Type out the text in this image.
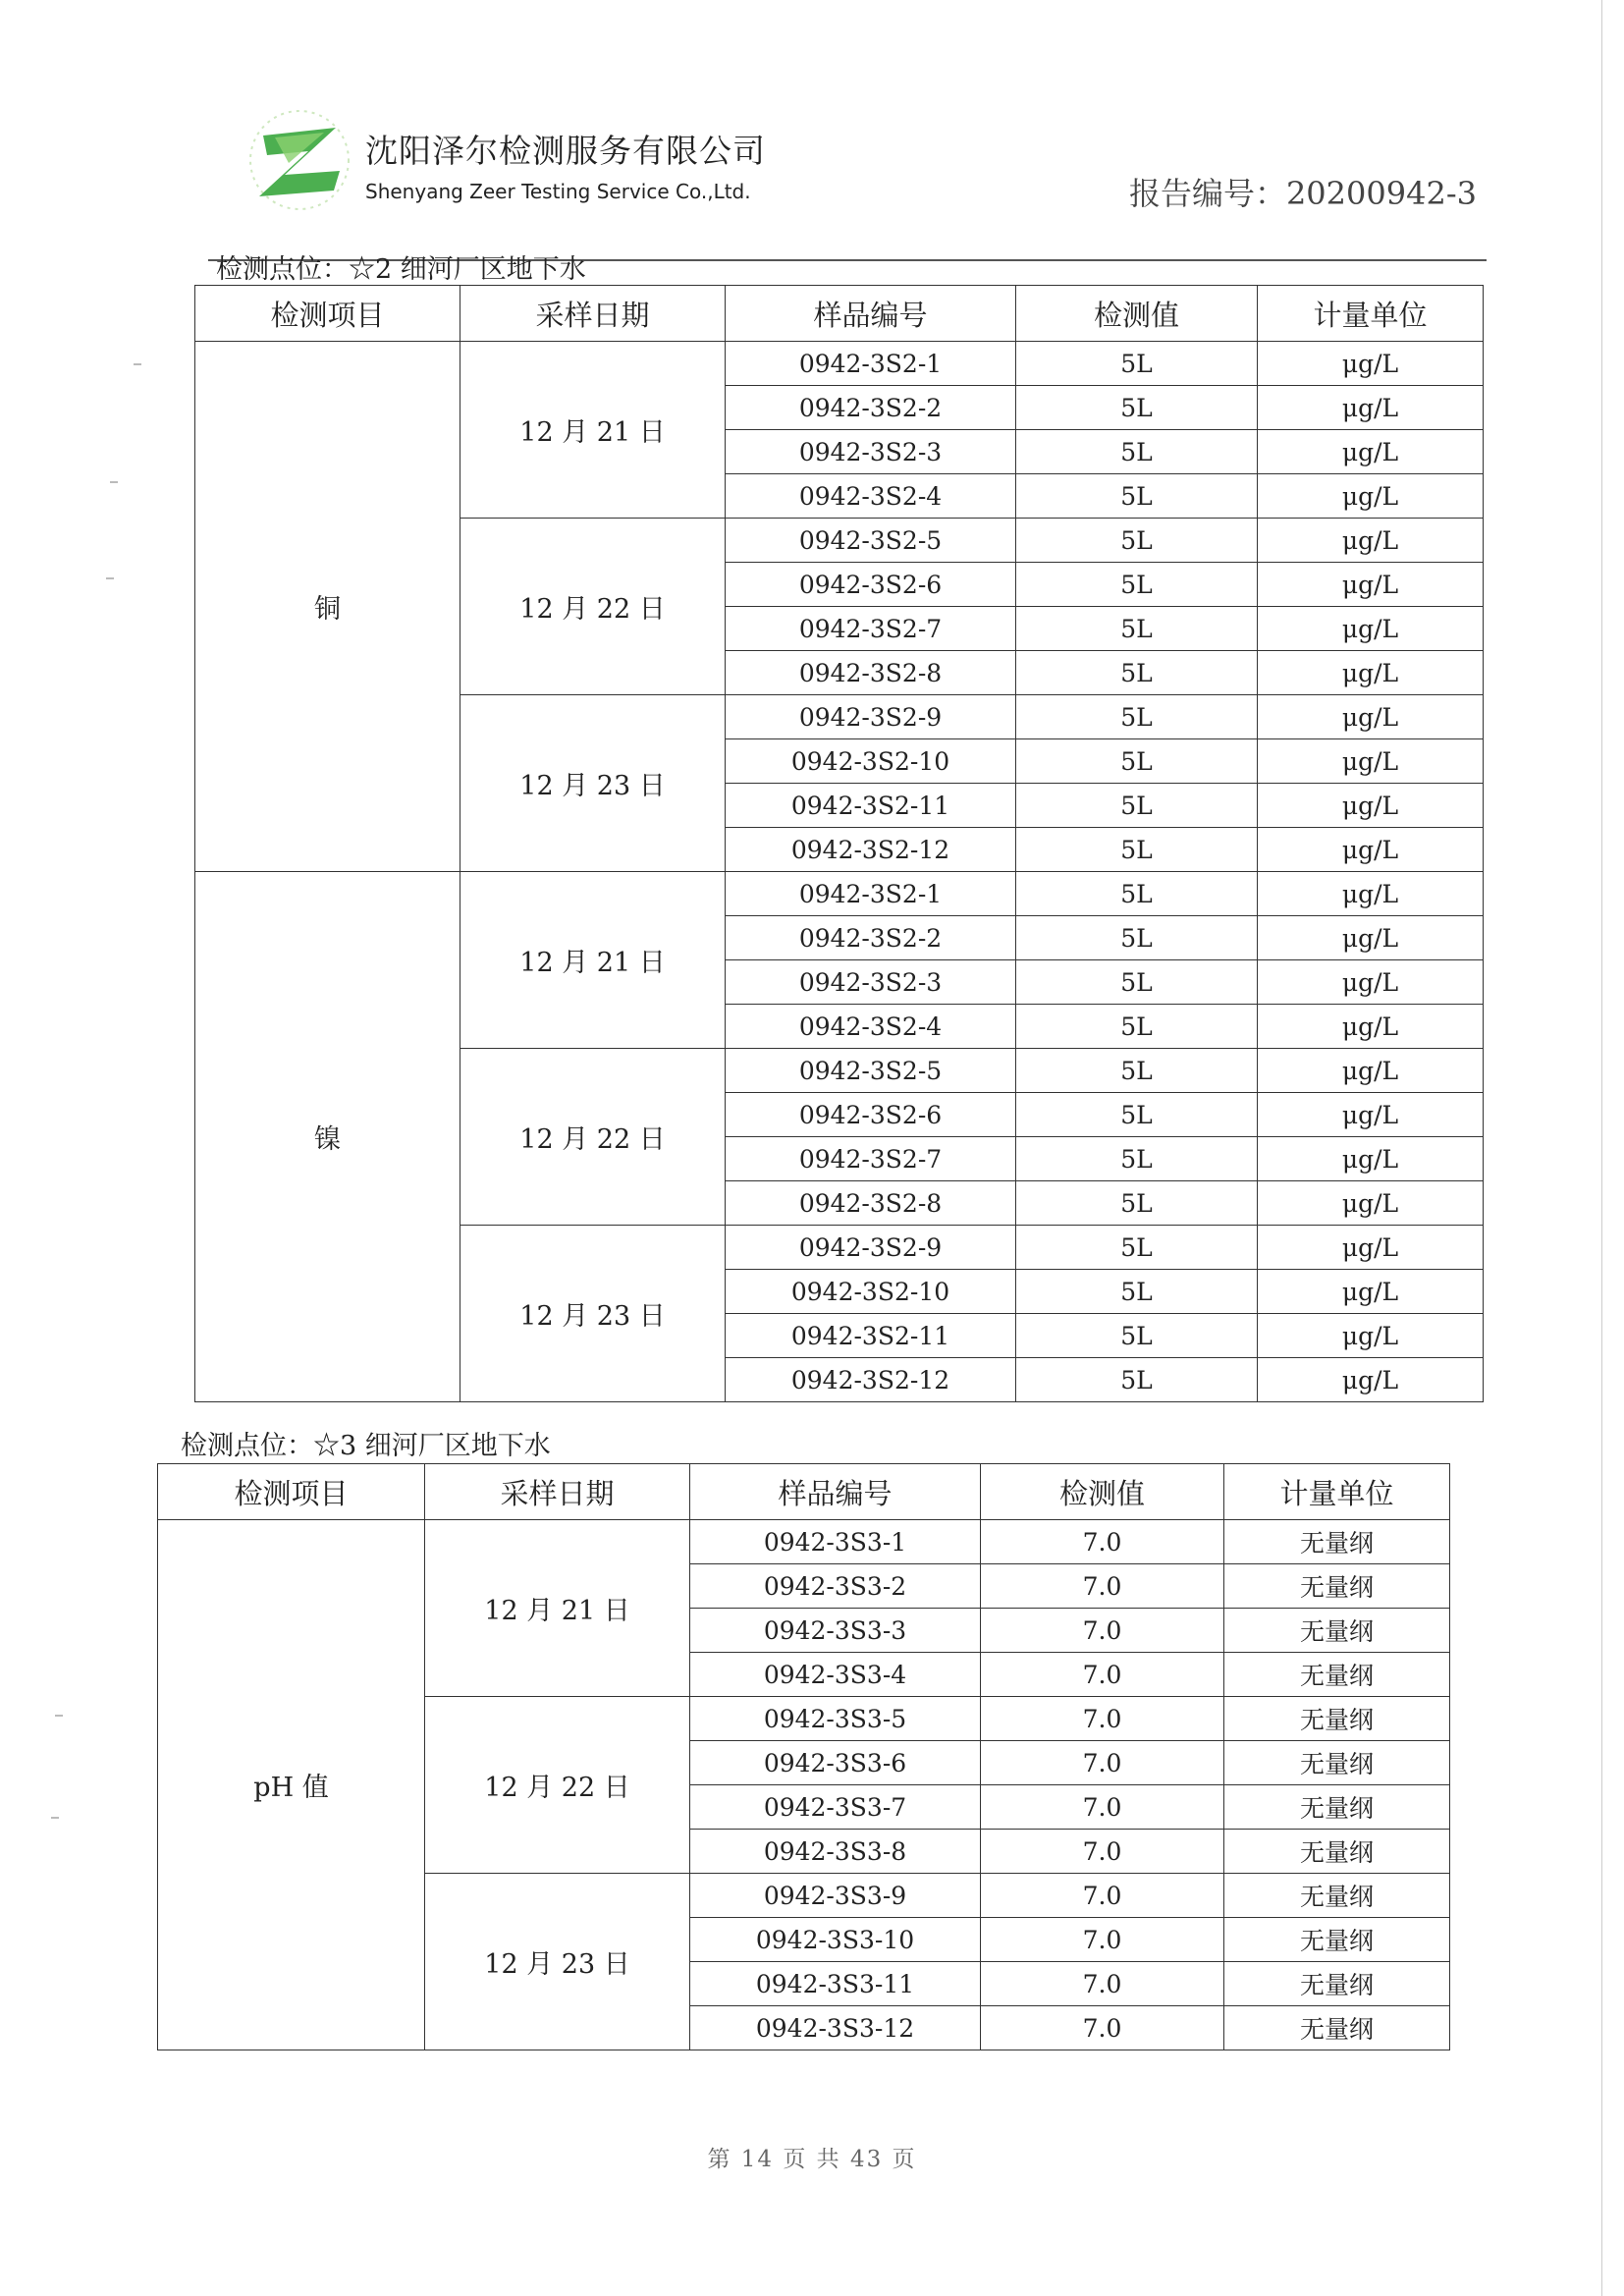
沈阳泽尔检测服务有限公司
Shenyang Zeer Testing Service Co.,Ltd.	报告编号：20200942-3
检测点位：☆2 细河厂区地下水
检测项目	采样日期	样品编号	检测值	计量单位
铜	12 月 21 日	0942-3S2-1	5L	μg/L
		0942-3S2-2	5L	μg/L
		0942-3S2-3	5L	μg/L
		0942-3S2-4	5L	μg/L
	12 月 22 日	0942-3S2-5	5L	μg/L
		0942-3S2-6	5L	μg/L
		0942-3S2-7	5L	μg/L
		0942-3S2-8	5L	μg/L
	12 月 23 日	0942-3S2-9	5L	μg/L
		0942-3S2-10	5L	μg/L
		0942-3S2-11	5L	μg/L
		0942-3S2-12	5L	μg/L
镍	12 月 21 日	0942-3S2-1	5L	μg/L
		0942-3S2-2	5L	μg/L
		0942-3S2-3	5L	μg/L
		0942-3S2-4	5L	μg/L
	12 月 22 日	0942-3S2-5	5L	μg/L
		0942-3S2-6	5L	μg/L
		0942-3S2-7	5L	μg/L
		0942-3S2-8	5L	μg/L
	12 月 23 日	0942-3S2-9	5L	μg/L
		0942-3S2-10	5L	μg/L
		0942-3S2-11	5L	μg/L
		0942-3S2-12	5L	μg/L
检测点位：☆3 细河厂区地下水
检测项目	采样日期	样品编号	检测值	计量单位
pH 值	12 月 21 日	0942-3S3-1	7.0	无量纲
		0942-3S3-2	7.0	无量纲
		0942-3S3-3	7.0	无量纲
		0942-3S3-4	7.0	无量纲
	12 月 22 日	0942-3S3-5	7.0	无量纲
		0942-3S3-6	7.0	无量纲
		0942-3S3-7	7.0	无量纲
		0942-3S3-8	7.0	无量纲
	12 月 23 日	0942-3S3-9	7.0	无量纲
		0942-3S3-10	7.0	无量纲
		0942-3S3-11	7.0	无量纲
		0942-3S3-12	7.0	无量纲
第 14 页 共 43 页
